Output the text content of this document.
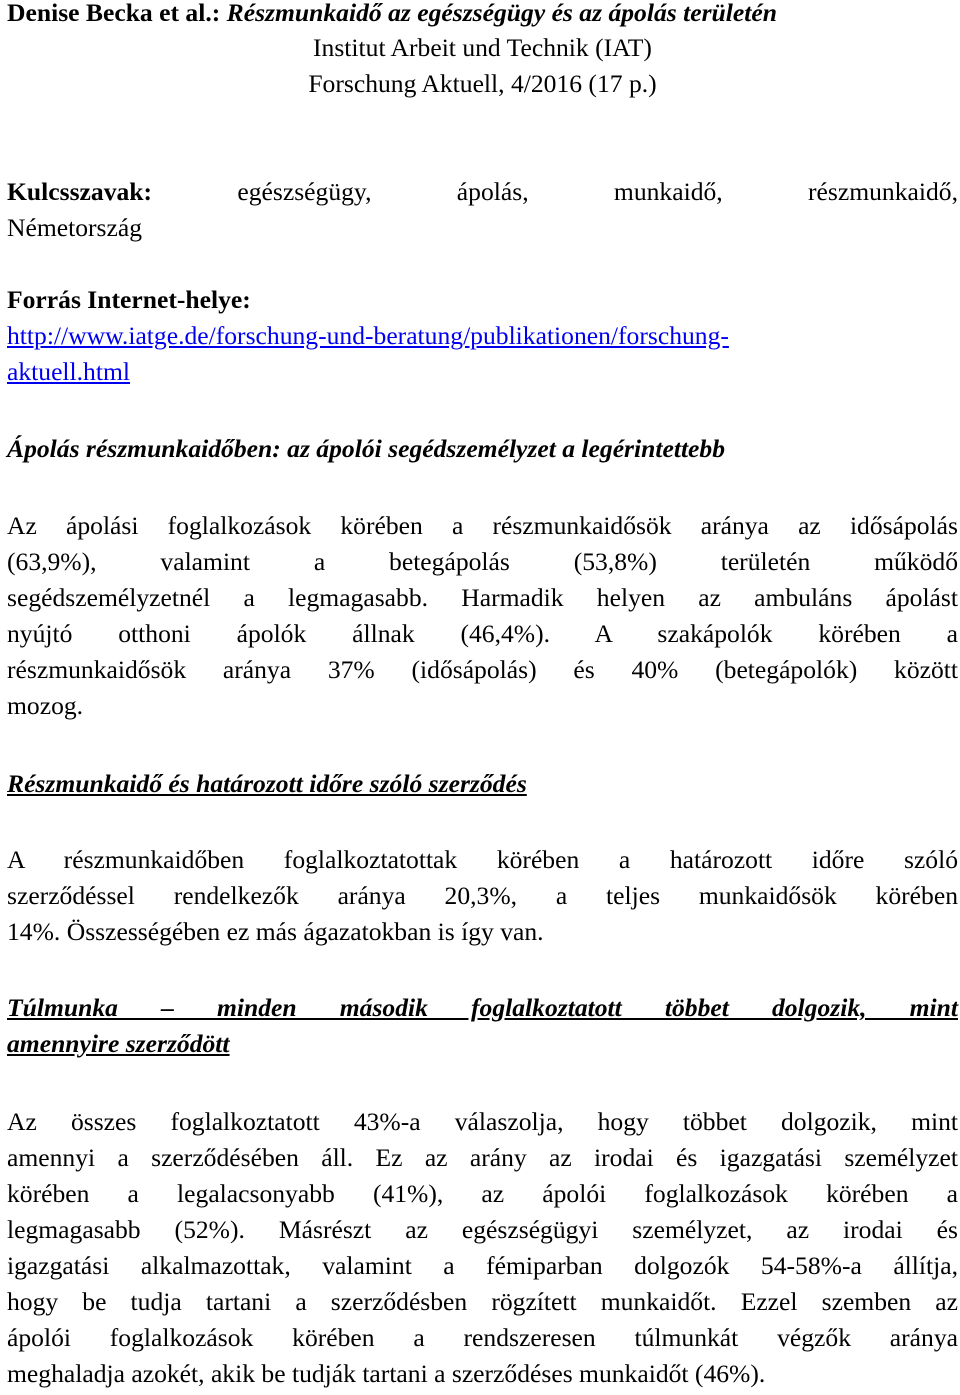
Denise Becka et al.: Részmunkaidő az egészségügy és az ápolás területén
Institut Arbeit und Technik (IAT)
Forschung Aktuell, 4/2016 (17 p.)
Kulcsszavak:	egészségügy, ápolás, munkaidő, részmunkaidő,
Németország
Forrás Internet-helye:
http://www.iatge.de/forschung-und-beratung/publikationen/forschung-
aktuell.html
Ápolás részmunkaidőben: az ápolói segédszemélyzet a legérintettebb
Az ápolási foglalkozások körében a részmunkaidősök aránya az idősápolás
(63,9%), valamint a betegápolás (53,8%) területén működő
segédszemélyzetnél a legmagasabb. Harmadik helyen az ambuláns ápolást
nyújtó otthoni ápolók állnak (46,4%). A szakápolók körében a
részmunkaidősök aránya 37% (idősápolás) és 40% (betegápolók) között
mozog.
Részmunkaidő és határozott időre szóló szerződés
A részmunkaidőben foglalkoztatottak körében a határozott időre szóló
szerződéssel rendelkezők aránya 20,3%, a teljes munkaidősök körében
14%. Összességében ez más ágazatokban is így van.
Túlmunka – minden második foglalkoztatott többet dolgozik, mint
amennyire szerződött
Az összes foglalkoztatott 43%-a válaszolja, hogy többet dolgozik, mint
amennyi a szerződésében áll. Ez az arány az irodai és igazgatási személyzet
körében a legalacsonyabb (41%), az ápolói foglalkozások körében a
legmagasabb (52%). Másrészt az egészségügyi személyzet, az irodai és
igazgatási alkalmazottak, valamint a fémiparban dolgozók 54-58%-a állítja,
hogy be tudja tartani a szerződésben rögzített munkaidőt. Ezzel szemben az
ápolói foglalkozások körében a rendszeresen túlmunkát végzők aránya
meghaladja azokét, akik be tudják tartani a szerződéses munkaidőt (46%).
